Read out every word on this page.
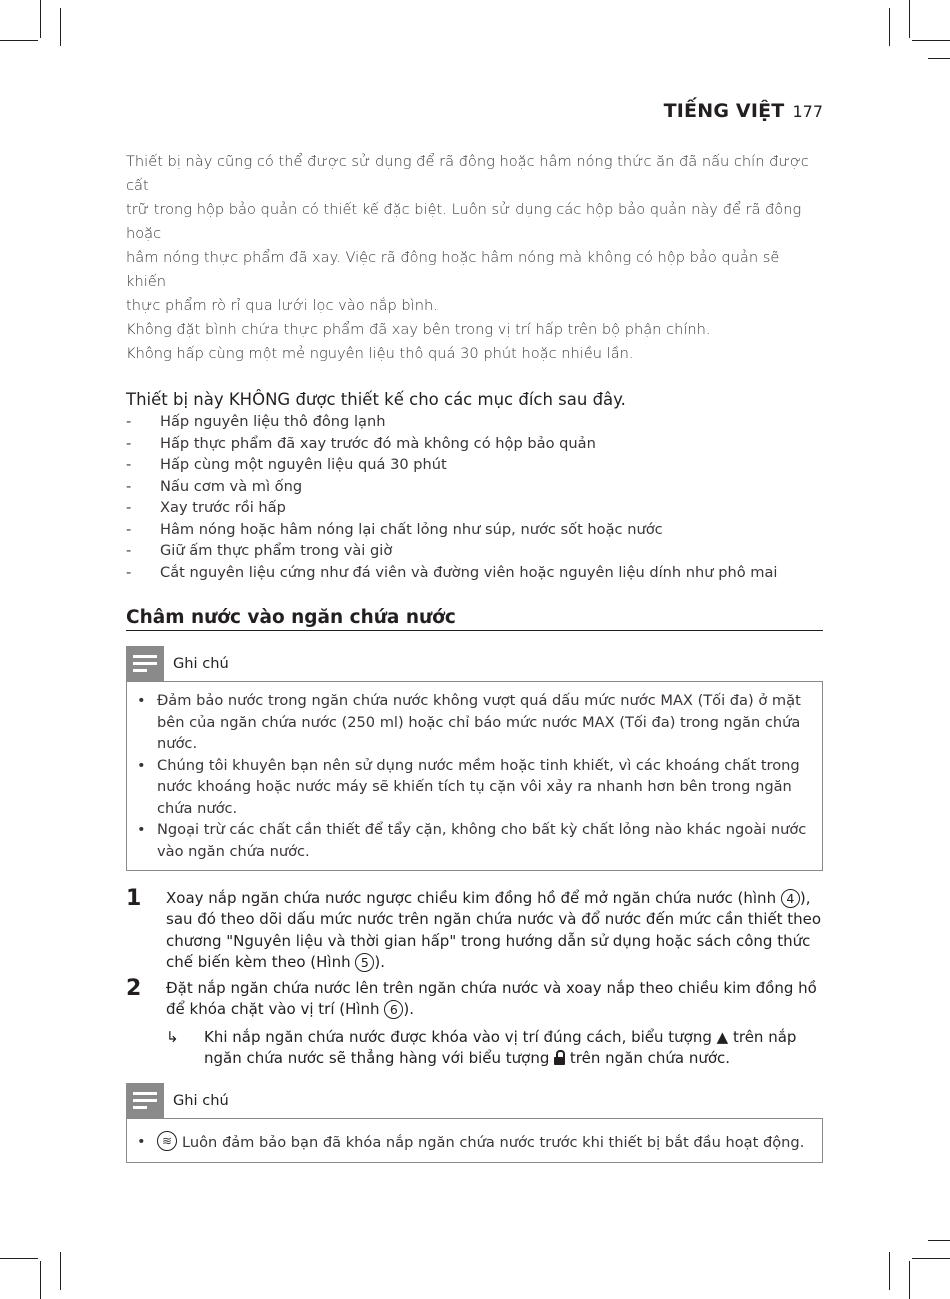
TIẾNG VIỆT 177

Thiết bị này cũng có thể được sử dụng để rã đông hoặc hâm nóng thức ăn đã nấu chín được cất

trữ trong hộp bảo quản có thiết kế đặc biệt. Luôn sử dụng các hộp bảo quản này để rã đông hoặc

hâm nóng thực phẩm đã xay. Việc rã đông hoặc hâm nóng mà không có hộp bảo quản sẽ khiến

thực phẩm rò rỉ qua lưới lọc vào nắp bình.

Không đặt bình chứa thực phẩm đã xay bên trong vị trí hấp trên bộ phận chính.

Không hấp cùng một mẻ nguyên liệu thô quá 30 phút hoặc nhiều lần.

Thiết bị này KHÔNG được thiết kế cho các mục đích sau đây.
- Hấp nguyên liệu thô đông lạnh
- Hấp thực phẩm đã xay trước đó mà không có hộp bảo quản
- Hấp cùng một nguyên liệu quá 30 phút
- Nấu cơm và mì ống
- Xay trước rồi hấp
- Hâm nóng hoặc hâm nóng lại chất lỏng như súp, nước sốt hoặc nước
- Giữ ấm thực phẩm trong vài giờ
- Cắt nguyên liệu cứng như đá viên và đường viên hoặc nguyên liệu dính như phô mai
Châm nước vào ngăn chứa nước
Ghi chú
• Đảm bảo nước trong ngăn chứa nước không vượt quá dấu mức nước MAX (Tối đa) ở mặt bên của ngăn chứa nước (250 ml) hoặc chỉ báo mức nước MAX (Tối đa) trong ngăn chứa nước.
• Chúng tôi khuyên bạn nên sử dụng nước mềm hoặc tinh khiết, vì các khoáng chất trong nước khoáng hoặc nước máy sẽ khiến tích tụ cặn vôi xảy ra nhanh hơn bên trong ngăn chứa nước.
• Ngoại trừ các chất cần thiết để tẩy cặn, không cho bất kỳ chất lỏng nào khác ngoài nước vào ngăn chứa nước.
1	Xoay nắp ngăn chứa nước ngược chiều kim đồng hồ để mở ngăn chứa nước (hình 4 ), sau đó theo dõi dấu mức nước trên ngăn chứa nước và đổ nước đến mức cần thiết theo chương "Nguyên liệu và thời gian hấp" trong hướng dẫn sử dụng hoặc sách công thức chế biến kèm theo (Hình 5 ).
2	Đặt nắp ngăn chứa nước lên trên ngăn chứa nước và xoay nắp theo chiều kim đồng hồ để khóa chặt vào vị trí (Hình 6 ).
↳	Khi nắp ngăn chứa nước được khóa vào vị trí đúng cách, biểu tượng ▲ trên nắp ngăn chứa nước sẽ thẳng hàng với biểu tượng
trên ngăn chứa nước.
Ghi chú
≋• Luôn đảm bảo bạn đã khóa nắp ngăn chứa nước trước khi thiết bị bắt đầu hoạt động.
